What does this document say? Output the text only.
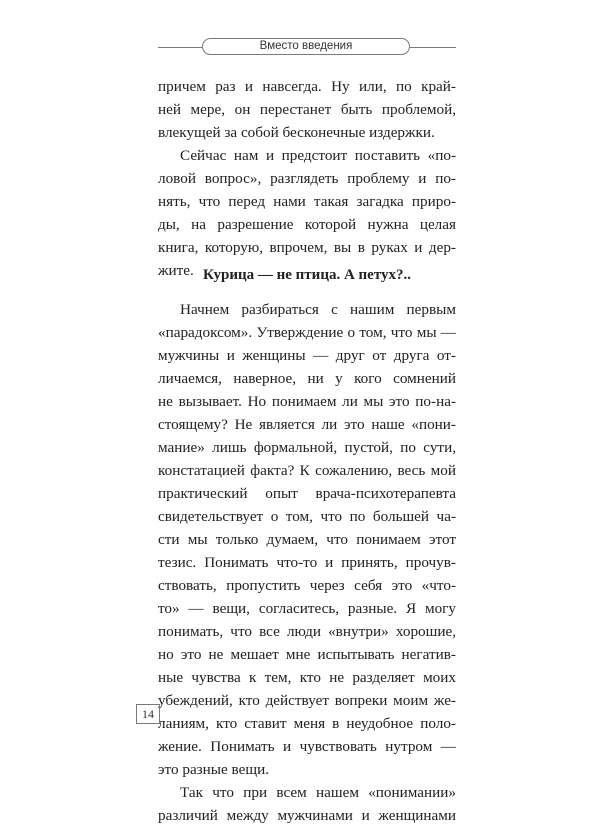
Вместо введения
причем раз и навсегда. Ну или, по край-
ней мере, он перестанет быть проблемой,
влекущей за собой бесконечные издержки.
Сейчас нам и предстоит поставить «по-
ловой вопрос», разглядеть проблему и по-
нять, что перед нами такая загадка приро-
ды, на разрешение которой нужна целая
книга, которую, впрочем, вы в руках и дер-
жите. Курица — не птица. А петух?..
Начнем разбираться с нашим первым
«парадоксом». Утверждение о том, что мы —
мужчины и женщины — друг от друга от-
личаемся, наверное, ни у кого сомнений
не вызывает. Но понимаем ли мы это по-на-
стоящему? Не является ли это наше «пони-
мание» лишь формальной, пустой, по сути,
констатацией факта? К сожалению, весь мой
практический опыт врача-психотерапевта
свидетельствует о том, что по большей ча-
сти мы только думаем, что понимаем этот
тезис. Понимать что-то и принять, прочув-
ствовать, пропустить через себя это «что-
то» — вещи, согласитесь, разные. Я могу
понимать, что все люди «внутри» хорошие,
но это не мешает мне испытывать негатив-
ные чувства к тем, кто не разделяет моих
убеждений, кто действует вопреки моим же-
ланиям, кто ставит меня в неудобное поло-
жение. Понимать и чувствовать нутром —
это разные вещи.
Так что при всем нашем «понимании»
различий между мужчинами и женщинами
14
